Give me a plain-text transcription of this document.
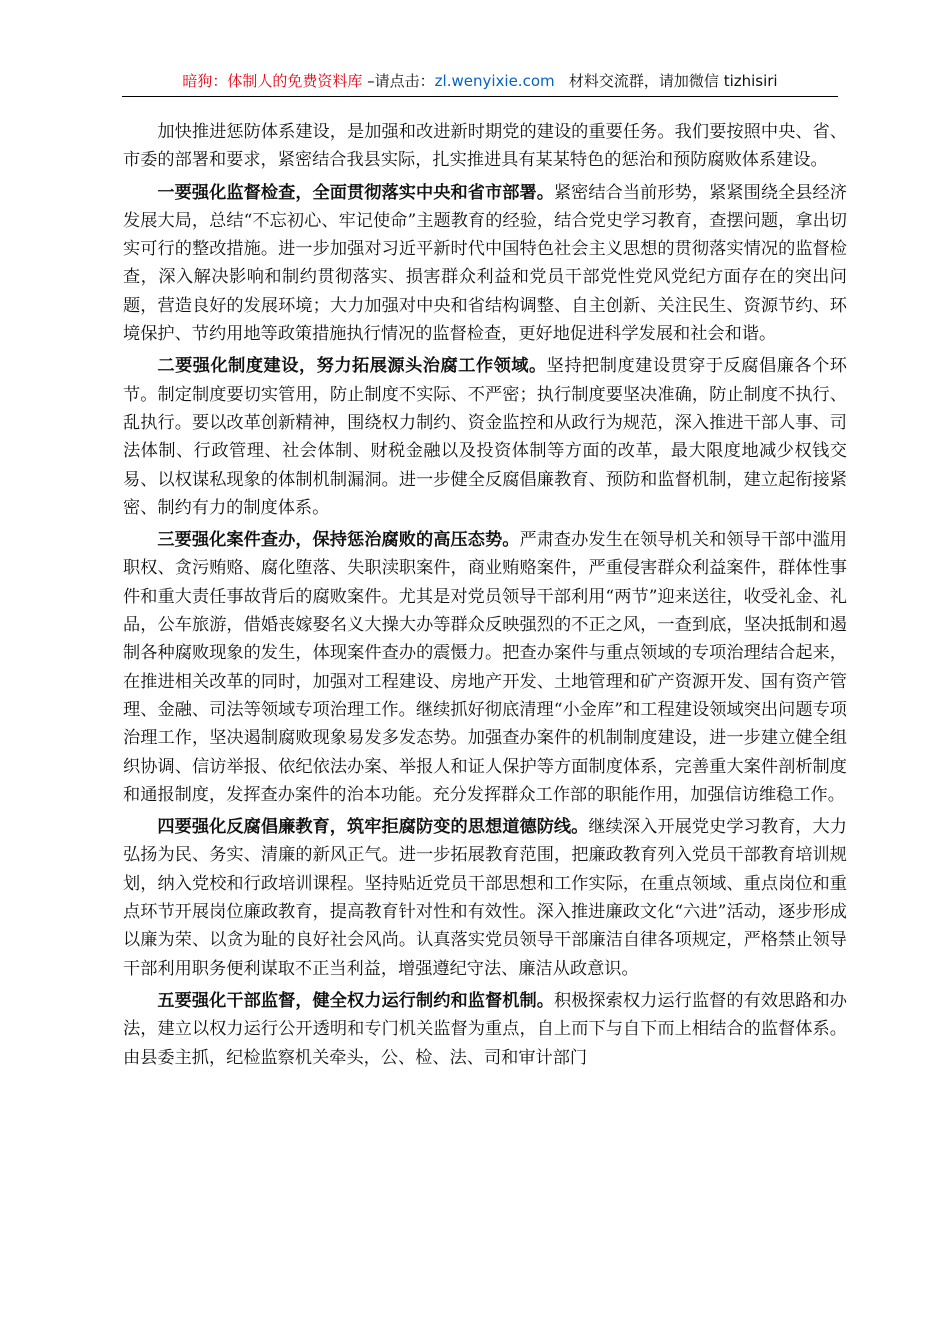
暗狗：体制人的免费资料库 –请点击：zl.wenyixie.com 材料交流群，请加微信 tizhisiri

加快推进惩防体系建设，是加强和改进新时期党的建设的重要任务。我们要按照中央、省、市委的部署和要求，紧密结合我县实际，扎实推进具有某某特色的惩治和预防腐败体系建设。

一要强化监督检查，全面贯彻落实中央和省市部署。紧密结合当前形势，紧紧围绕全县经济发展大局，总结“不忘初心、牢记使命”主题教育的经验，结合党史学习教育，查摆问题，拿出切实可行的整改措施。进一步加强对习近平新时代中国特色社会主义思想的贯彻落实情况的监督检查，深入解决影响和制约贯彻落实、损害群众利益和党员干部党性党风党纪方面存在的突出问题，营造良好的发展环境；大力加强对中央和省结构调整、自主创新、关注民生、资源节约、环境保护、节约用地等政策措施执行情况的监督检查，更好地促进科学发展和社会和谐。

二要强化制度建设，努力拓展源头治腐工作领域。坚持把制度建设贯穿于反腐倡廉各个环节。制定制度要切实管用，防止制度不实际、不严密；执行制度要坚决准确，防止制度不执行、乱执行。要以改革创新精神，围绕权力制约、资金监控和从政行为规范，深入推进干部人事、司法体制、行政管理、社会体制、财税金融以及投资体制等方面的改革，最大限度地减少权钱交易、以权谋私现象的体制机制漏洞。进一步健全反腐倡廉教育、预防和监督机制，建立起衔接紧密、制约有力的制度体系。

三要强化案件查办，保持惩治腐败的高压态势。严肃查办发生在领导机关和领导干部中滥用职权、贪污贿赂、腐化堕落、失职渎职案件，商业贿赂案件，严重侵害群众利益案件，群体性事件和重大责任事故背后的腐败案件。尤其是对党员领导干部利用“两节”迎来送往，收受礼金、礼品，公车旅游，借婚丧嫁娶名义大操大办等群众反映强烈的不正之风，一查到底，坚决抵制和遏制各种腐败现象的发生，体现案件查办的震慑力。把查办案件与重点领域的专项治理结合起来，在推进相关改革的同时，加强对工程建设、房地产开发、土地管理和矿产资源开发、国有资产管理、金融、司法等领域专项治理工作。继续抓好彻底清理“小金库”和工程建设领域突出问题专项治理工作，坚决遏制腐败现象易发多发态势。加强查办案件的机制制度建设，进一步建立健全组织协调、信访举报、依纪依法办案、举报人和证人保护等方面制度体系，完善重大案件剖析制度和通报制度，发挥查办案件的治本功能。充分发挥群众工作部的职能作用，加强信访维稳工作。

四要强化反腐倡廉教育，筑牢拒腐防变的思想道德防线。继续深入开展党史学习教育，大力弘扬为民、务实、清廉的新风正气。进一步拓展教育范围，把廉政教育列入党员干部教育培训规划，纳入党校和行政培训课程。坚持贴近党员干部思想和工作实际，在重点领域、重点岗位和重点环节开展岗位廉政教育，提高教育针对性和有效性。深入推进廉政文化“六进”活动，逐步形成以廉为荣、以贪为耻的良好社会风尚。认真落实党员领导干部廉洁自律各项规定，严格禁止领导干部利用职务便利谋取不正当利益，增强遵纪守法、廉洁从政意识。

五要强化干部监督，健全权力运行制约和监督机制。积极探索权力运行监督的有效思路和办法，建立以权力运行公开透明和专门机关监督为重点，自上而下与自下而上相结合的监督体系。由县委主抓，纪检监察机关牵头，公、检、法、司和审计部门
